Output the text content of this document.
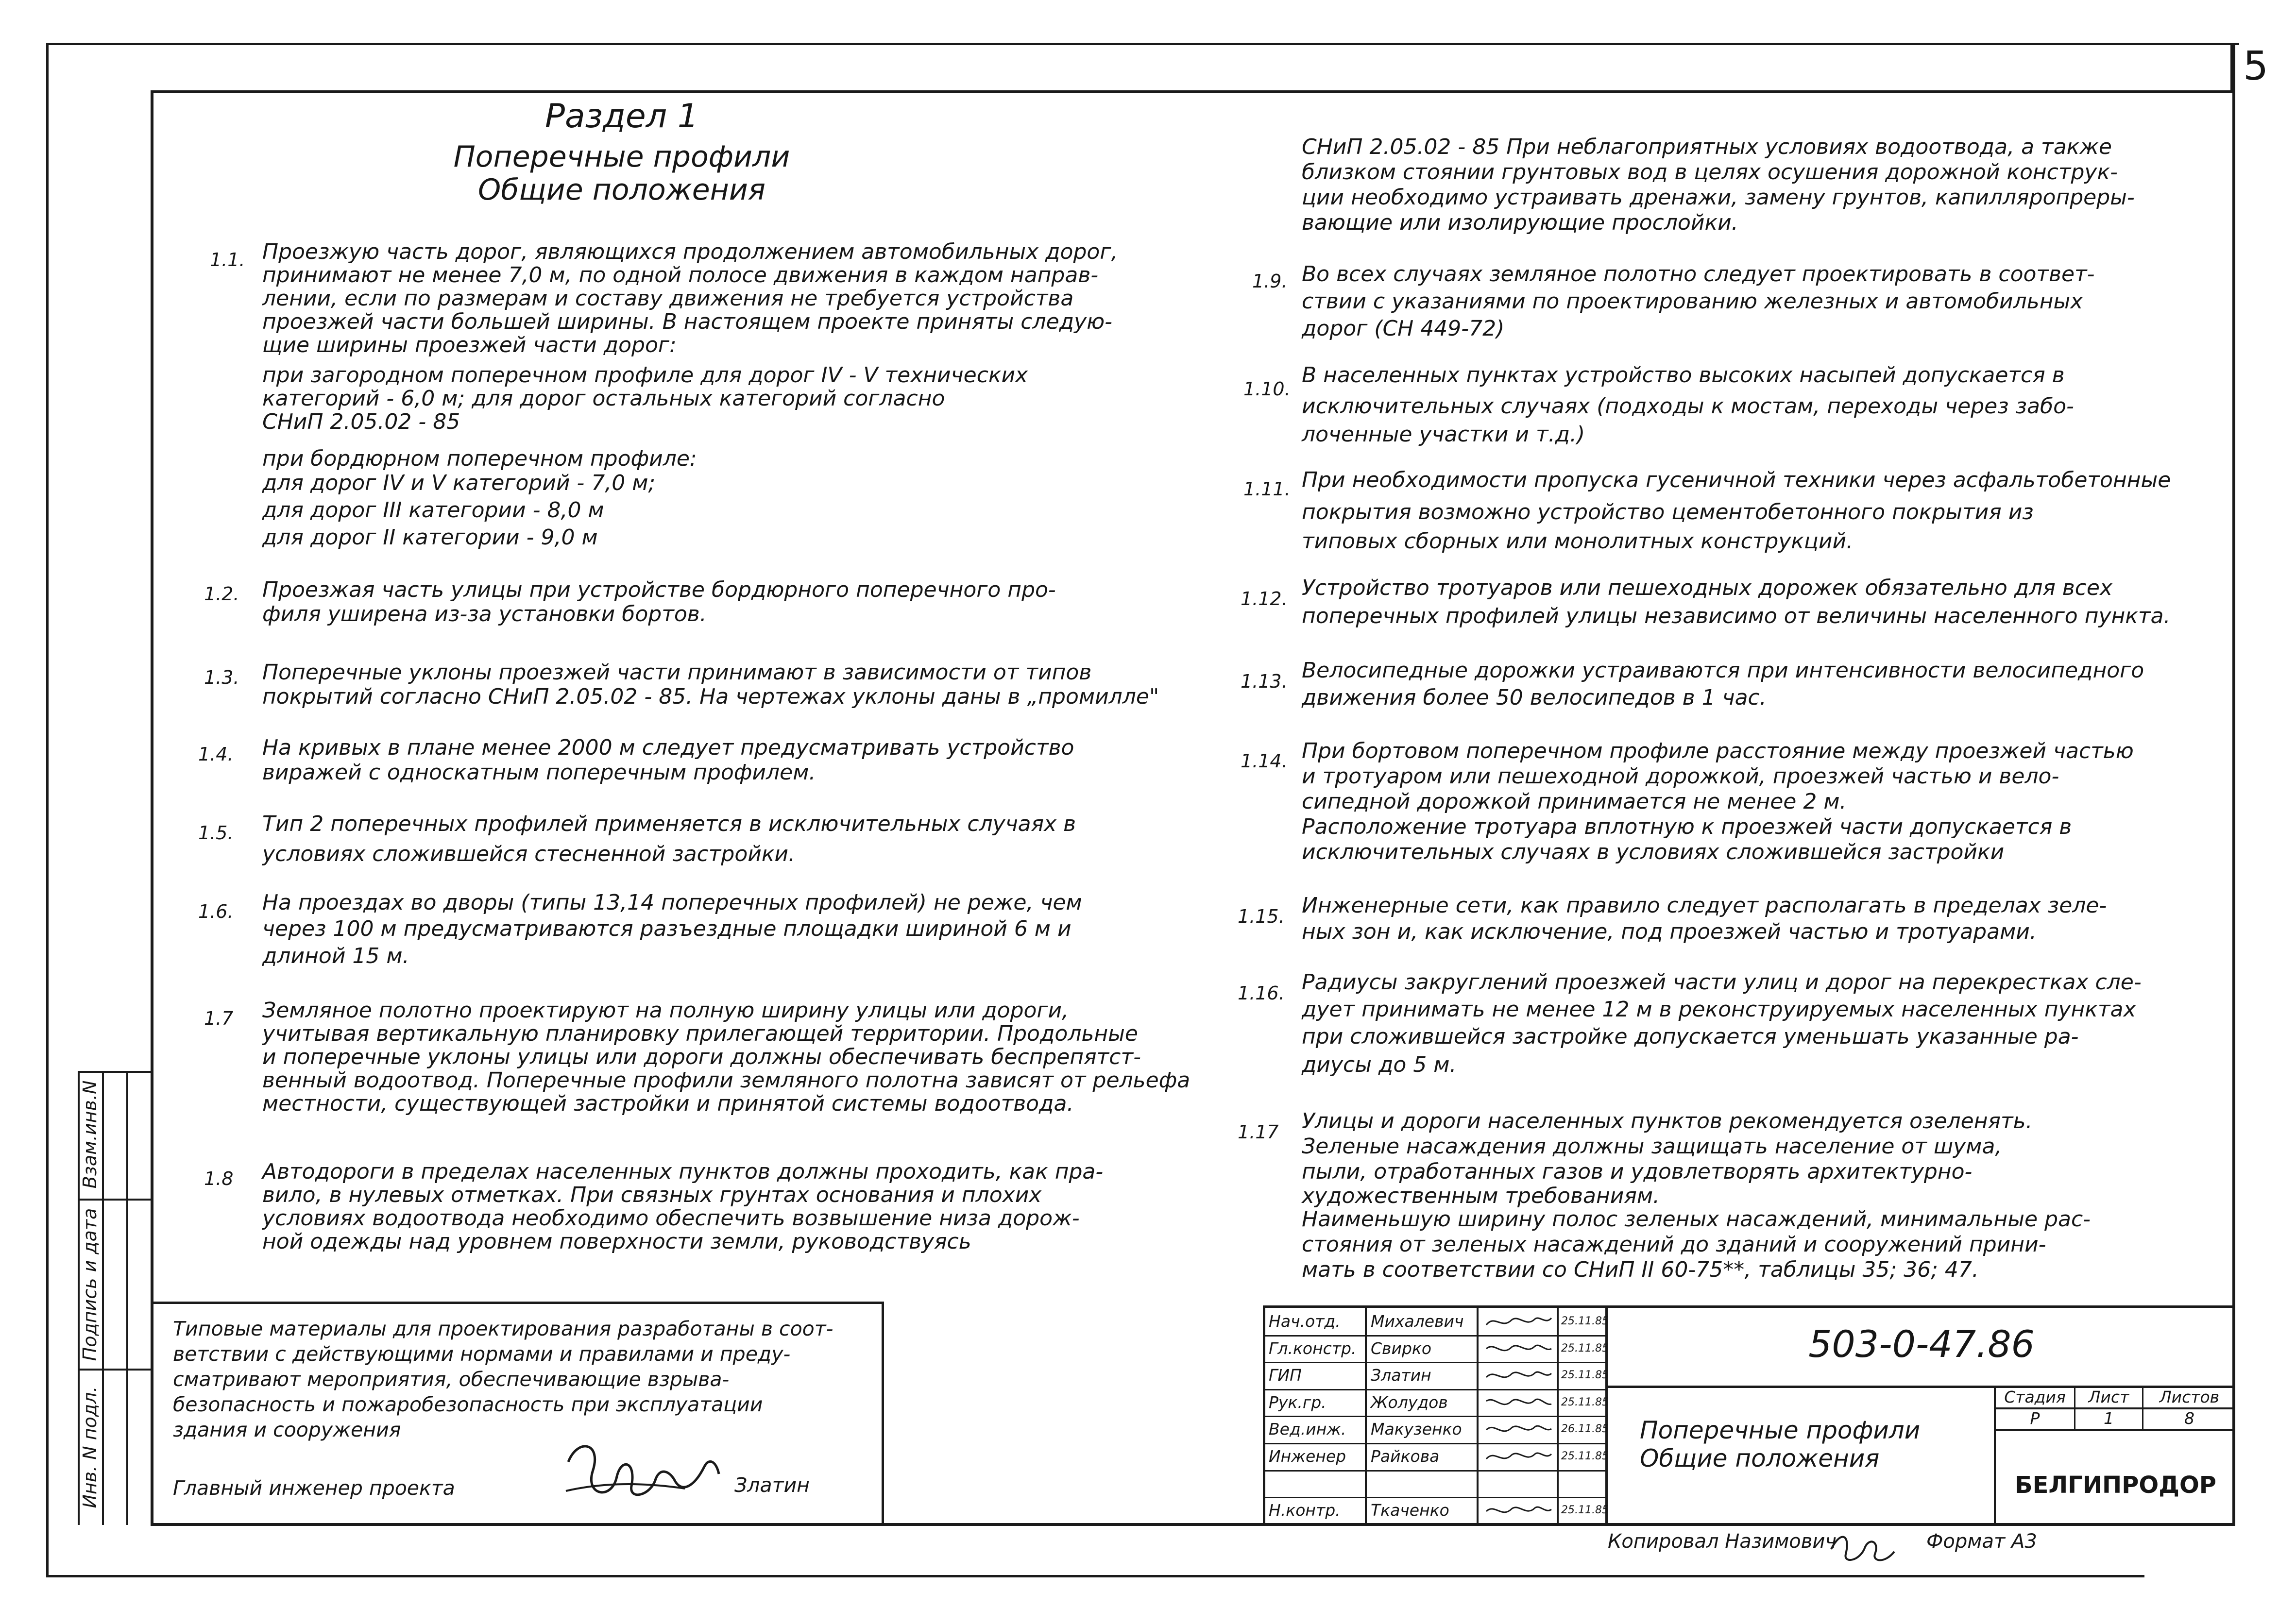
5
Инв. N подл.
Подпись и дата
Взам.инв.N
Раздел 1
Поперечные профили
Общие положения
1.1. Проезжую часть дорог, являющихся продолжением автомобильных дорог,
принимают не менее 7,0 м, по одной полосе движения в каждом направ-
лении, если по размерам и составу движения не требуется устройства
проезжей части большей ширины. В настоящем проекте приняты следую-
щие ширины проезжей части дорог:
при загородном поперечном профиле для дорог IV - V технических
категорий - 6,0 м; для дорог остальных категорий согласно
СНиП 2.05.02 - 85
при бордюрном поперечном профиле:
для дорог IV и V категорий - 7,0 м;
для дорог III категории - 8,0 м
для дорог II категории - 9,0 м
1.2. Проезжая часть улицы при устройстве бордюрного поперечного про-
филя уширена из-за установки бортов.
1.3. Поперечные уклоны проезжей части принимают в зависимости от типов
покрытий согласно СНиП 2.05.02 - 85. На чертежах уклоны даны в „промилле"
1.4. На кривых в плане менее 2000 м следует предусматривать устройство
виражей с односкатным поперечным профилем.
1.5. Тип 2 поперечных профилей применяется в исключительных случаях в
условиях сложившейся стесненной застройки.
1.6. На проездах во дворы (типы 13,14 поперечных профилей) не реже, чем
через 100 м предусматриваются разъездные площадки шириной 6 м и
длиной 15 м.
1.7 Земляное полотно проектируют на полную ширину улицы или дороги,
учитывая вертикальную планировку прилегающей территории. Продольные
и поперечные уклоны улицы или дороги должны обеспечивать беспрепятст-
венный водоотвод. Поперечные профили земляного полотна зависят от рельефа
местности, существующей застройки и принятой системы водоотвода.
1.8 Автодороги в пределах населенных пунктов должны проходить, как пра-
вило, в нулевых отметках. При связных грунтах основания и плохих
условиях водоотвода необходимо обеспечить возвышение низа дорож-
ной одежды над уровнем поверхности земли, руководствуясь
СНиП 2.05.02 - 85 При неблагоприятных условиях водоотвода, а также
близком стоянии грунтовых вод в целях осушения дорожной конструк-
ции необходимо устраивать дренажи, замену грунтов, капилляропреры-
вающие или изолирующие прослойки.
1.9. Во всех случаях земляное полотно следует проектировать в соответ-
ствии с указаниями по проектированию железных и автомобильных
дорог (СН 449-72)
1.10.
В населенных пунктах устройство высоких насыпей допускается в
исключительных случаях (подходы к мостам, переходы через забо-
лоченные участки и т.д.)
1.11. При необходимости пропуска гусеничной техники через асфальтобетонные
покрытия возможно устройство цементобетонного покрытия из
типовых сборных или монолитных конструкций.
1.12. Устройство тротуаров или пешеходных дорожек обязательно для всех
поперечных профилей улицы независимо от величины населенного пункта.
1.13. Велосипедные дорожки устраиваются при интенсивности велосипедного
движения более 50 велосипедов в 1 час.
1.14. При бортовом поперечном профиле расстояние между проезжей частью
и тротуаром или пешеходной дорожкой, проезжей частью и вело-
сипедной дорожкой принимается не менее 2 м.
Расположение тротуара вплотную к проезжей части допускается в
исключительных случаях в условиях сложившейся застройки
1.15. Инженерные сети, как правило следует располагать в пределах зеле-
ных зон и, как исключение, под проезжей частью и тротуарами.
1.16. Радиусы закруглений проезжей части улиц и дорог на перекрестках сле-
дует принимать не менее 12 м в реконструируемых населенных пунктах
при сложившейся застройке допускается уменьшать указанные ра-
диусы до 5 м.
1.17 Улицы и дороги населенных пунктов рекомендуется озеленять.
Зеленые насаждения должны защищать население от шума,
пыли, отработанных газов и удовлетворять архитектурно-
художественным требованиям.
Наименьшую ширину полос зеленых насаждений, минимальные рас-
стояния от зеленых насаждений до зданий и сооружений прини-
мать в соответствии со СНиП II 60-75**, таблицы 35; 36; 47.
Типовые материалы для проектирования разработаны в соот-
ветствии с действующими нормами и правилами и преду-
сматривают мероприятия, обеспечивающие взрыва-
безопасность и пожаробезопасность при эксплуатации
здания и сооружения
Главный инженер проекта	Златин
503-0-47.86
Поперечные профили
Общие положения
Стадия	Лист	Листов
Р	1	8
БЕЛГИПРОДОР
Нач.отд. Михалевич	25.11.85
Гл.констр. Свирко	25.11.85
ГИП	Златин	25.11.85
Рук.гр.	Жолудов	25.11.85
Вед.инж. Макузенко	26.11.85
Инженер Райкова	25.11.85
Н.контр. Ткаченко	25.11.85
Копировал Назимович	Формат А3
